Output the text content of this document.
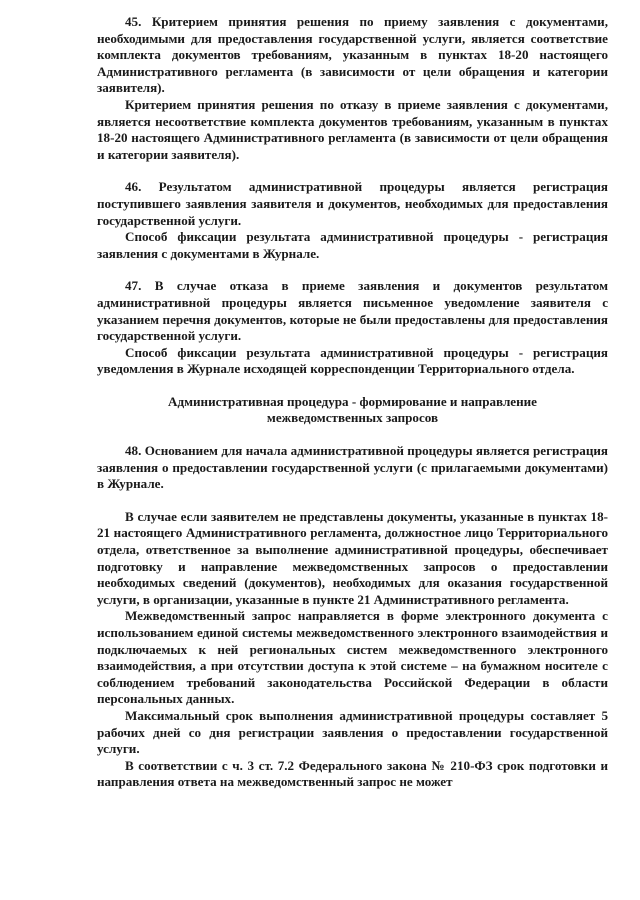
45. Критерием принятия решения по приему заявления с документами, необходимыми для предоставления государственной услуги, является соответствие комплекта документов требованиям, указанным в пунктах 18-20 настоящего Административного регламента (в зависимости от цели обращения и категории заявителя).

Критерием принятия решения по отказу в приеме заявления с документами, является несоответствие комплекта документов требованиям, указанным в пунктах 18-20 настоящего Административного регламента (в зависимости от цели обращения и категории заявителя).

46. Результатом административной процедуры является регистрация поступившего заявления заявителя и документов, необходимых для предоставления государственной услуги.

Способ фиксации результата административной процедуры - регистрация заявления с документами в Журнале.

47. В случае отказа в приеме заявления и документов результатом административной процедуры является письменное уведомление заявителя с указанием перечня документов, которые не были предоставлены для предоставления государственной услуги.

Способ фиксации результата административной процедуры - регистрация уведомления в Журнале исходящей корреспонденции Территориального отдела.

Административная процедура - формирование и направление межведомственных запросов

48. Основанием для начала административной процедуры является регистрация заявления о предоставлении государственной услуги (с прилагаемыми документами) в Журнале.

В случае если заявителем не представлены документы, указанные в пунктах 18-21 настоящего Административного регламента, должностное лицо Территориального отдела, ответственное за выполнение административной процедуры, обеспечивает подготовку и направление межведомственных запросов о предоставлении необходимых сведений (документов), необходимых для оказания государственной услуги, в организации, указанные в пункте 21 Административного регламента.

Межведомственный запрос направляется в форме электронного документа с использованием единой системы межведомственного электронного взаимодействия и подключаемых к ней региональных систем межведомственного электронного взаимодействия, а при отсутствии доступа к этой системе – на бумажном носителе с соблюдением требований законодательства Российской Федерации в области персональных данных.

Максимальный срок выполнения административной процедуры составляет 5 рабочих дней со дня регистрации заявления о предоставлении государственной услуги.

В соответствии с ч. 3 ст. 7.2 Федерального закона № 210-ФЗ срок подготовки и направления ответа на межведомственный запрос не может
